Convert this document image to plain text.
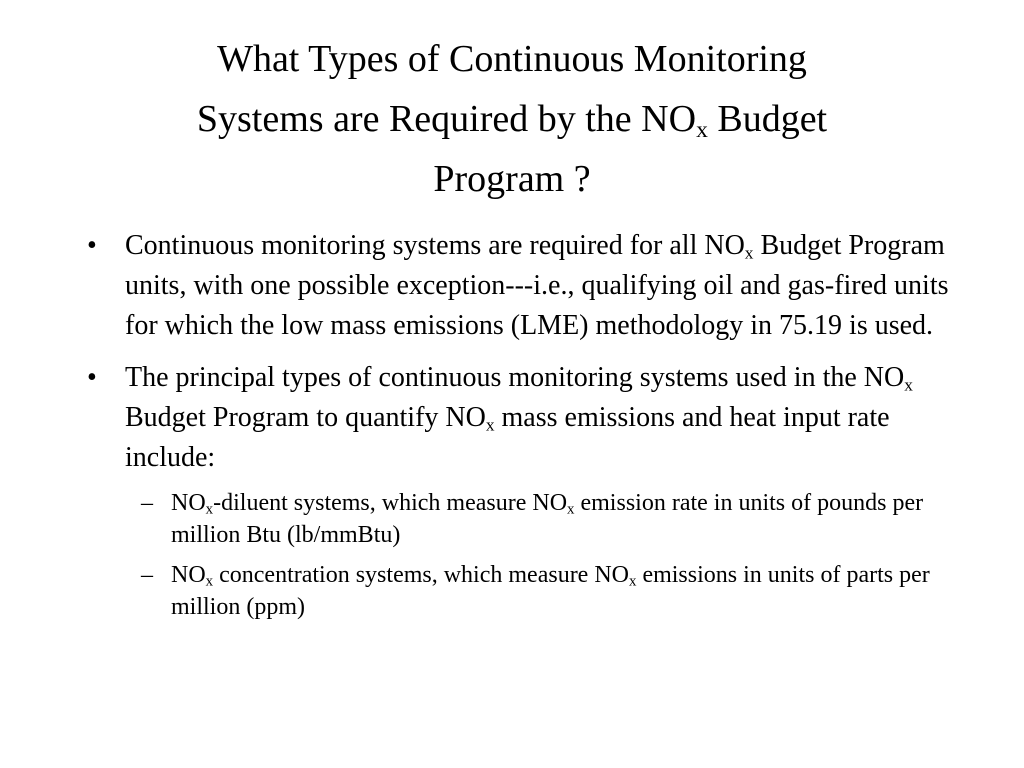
What Types of Continuous Monitoring
Systems are Required by the $NO_x$ Budget
Program ?
• Continuous monitoring systems are required for all $NO_x$ Budget Program units, with one possible exception---i.e., qualifying oil and gas-fired units for which the low mass emissions (LME) methodology in 75.19 is used.
• The principal types of continuous monitoring systems used in the $NO_x$ Budget Program to quantify $NO_x$ mass emissions and heat input rate include:
– $NO_x$-diluent systems, which measure $NO_x$ emission rate in units of pounds per million Btu (lb/mmBtu)
– $NO_x$ concentration systems, which measure $NO_x$ emissions in units of parts per million (ppm)
